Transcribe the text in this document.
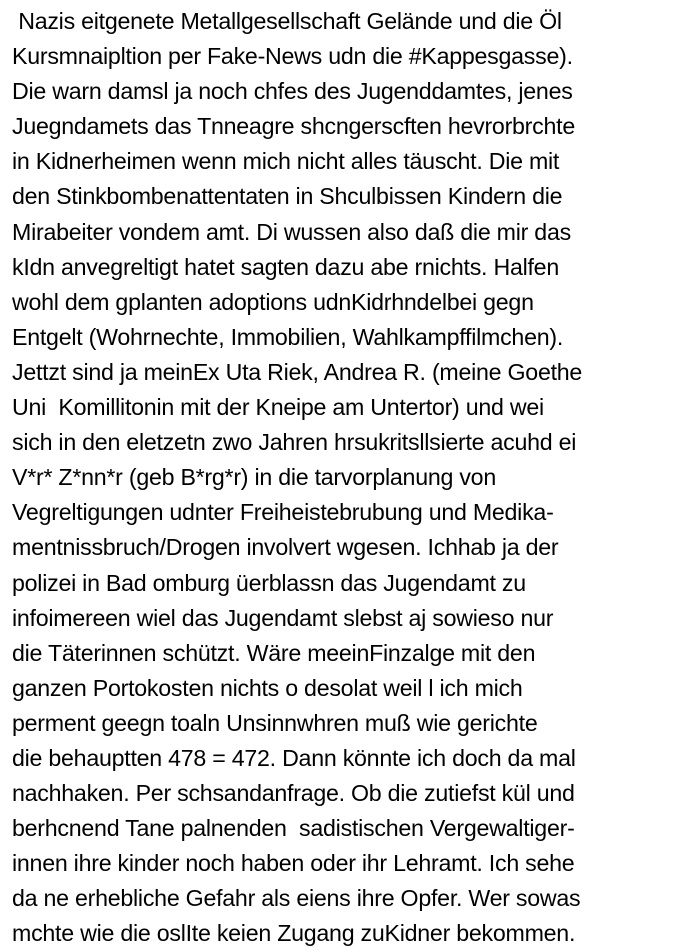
Nazis eitgenete Metallgesellschaft Gelände und die Öl
Kursmnaipltion per Fake-News udn die #Kappesgasse).
Die warn damsl ja noch chfes des Jugenddamtes, jenes
Juegndamets das Tnneagre shcngerscften hevrorbrchte
in Kidnerheimen wenn mich nicht alles täuscht. Die mit
den Stinkbombenattentaten in Shculbissen Kindern die
Mirabeiter vondem amt. Di wussen also daß die mir das
kIdn anvegreltigt hatet sagten dazu abe rnichts. Halfen
wohl dem gplanten adoptions udnKidrhndelbei gegn
Entgelt (Wohrnechte, Immobilien, Wahlkampffilmchen).
Jettzt sind ja meinEx Uta Riek, Andrea R. (meine Goethe
Uni  Komillitonin mit der Kneipe am Untertor) und wei
sich in den eletzetn zwo Jahren hrsukritsllsierte acuhd ei
V*r* Z*nn*r (geb B*rg*r) in die tarvorplanung von
Vegreltigungen udnter Freiheistebrubung und Medika-
mentnissbruch/Drogen involvert wgesen. Ichhab ja der
polizei in Bad omburg üerblassn das Jugendamt zu
infoimereen wiel das Jugendamt slebst aj sowieso nur
die Täterinnen schützt. Wäre meeinFinzalge mit den
ganzen Portokosten nichts o desolat weil l ich mich
perment geegn toaln Unsinnwhren muß wie gerichte
die behauptten 478 = 472. Dann könnte ich doch da mal
nachhaken. Per schsandanfrage. Ob die zutiefst kül und
berhcnend Tane palnenden  sadistischen Vergewaltiger-
innen ihre kinder noch haben oder ihr Lehramt. Ich sehe
da ne erhebliche Gefahr als eiens ihre Opfer. Wer sowas
mchte wie die oslIte keien Zugang zuKidner bekommen.
